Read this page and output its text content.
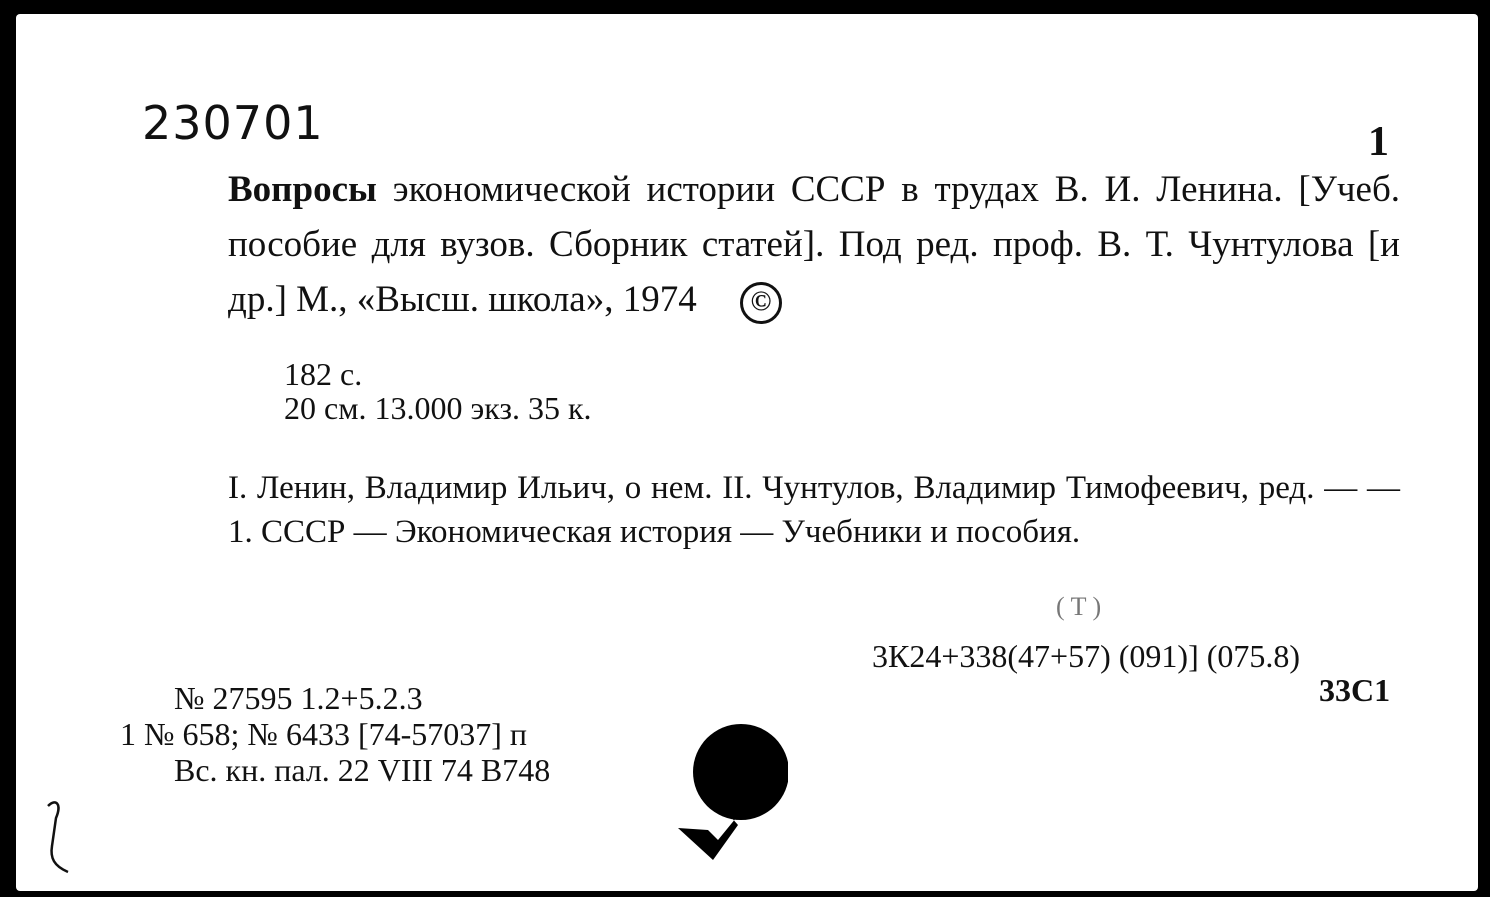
230701	1
Вопросы экономической истории СССР в трудах В. И. Ленина. [Учеб. пособие для вузов. Сборник статей]. Под ред. проф. В. Т. Чунтулова [и др.] М., «Высш. школа», 1974 ©
182 с.
20 см. 13.000 экз. 35 к.
I. Ленин, Владимир Ильич, о нем. II. Чунтулов, Владимир Тимофеевич, ред. — — 1. СССР — Экономическая история — Учебники и пособия.
(Т)
3К24+338(47+57) (091)] (075.8)
33С1
№ 27595 1.2+5.2.3
1 № 658; № 6433 [74-57037] п
Вс. кн. пал. 22 VIII 74 В748
